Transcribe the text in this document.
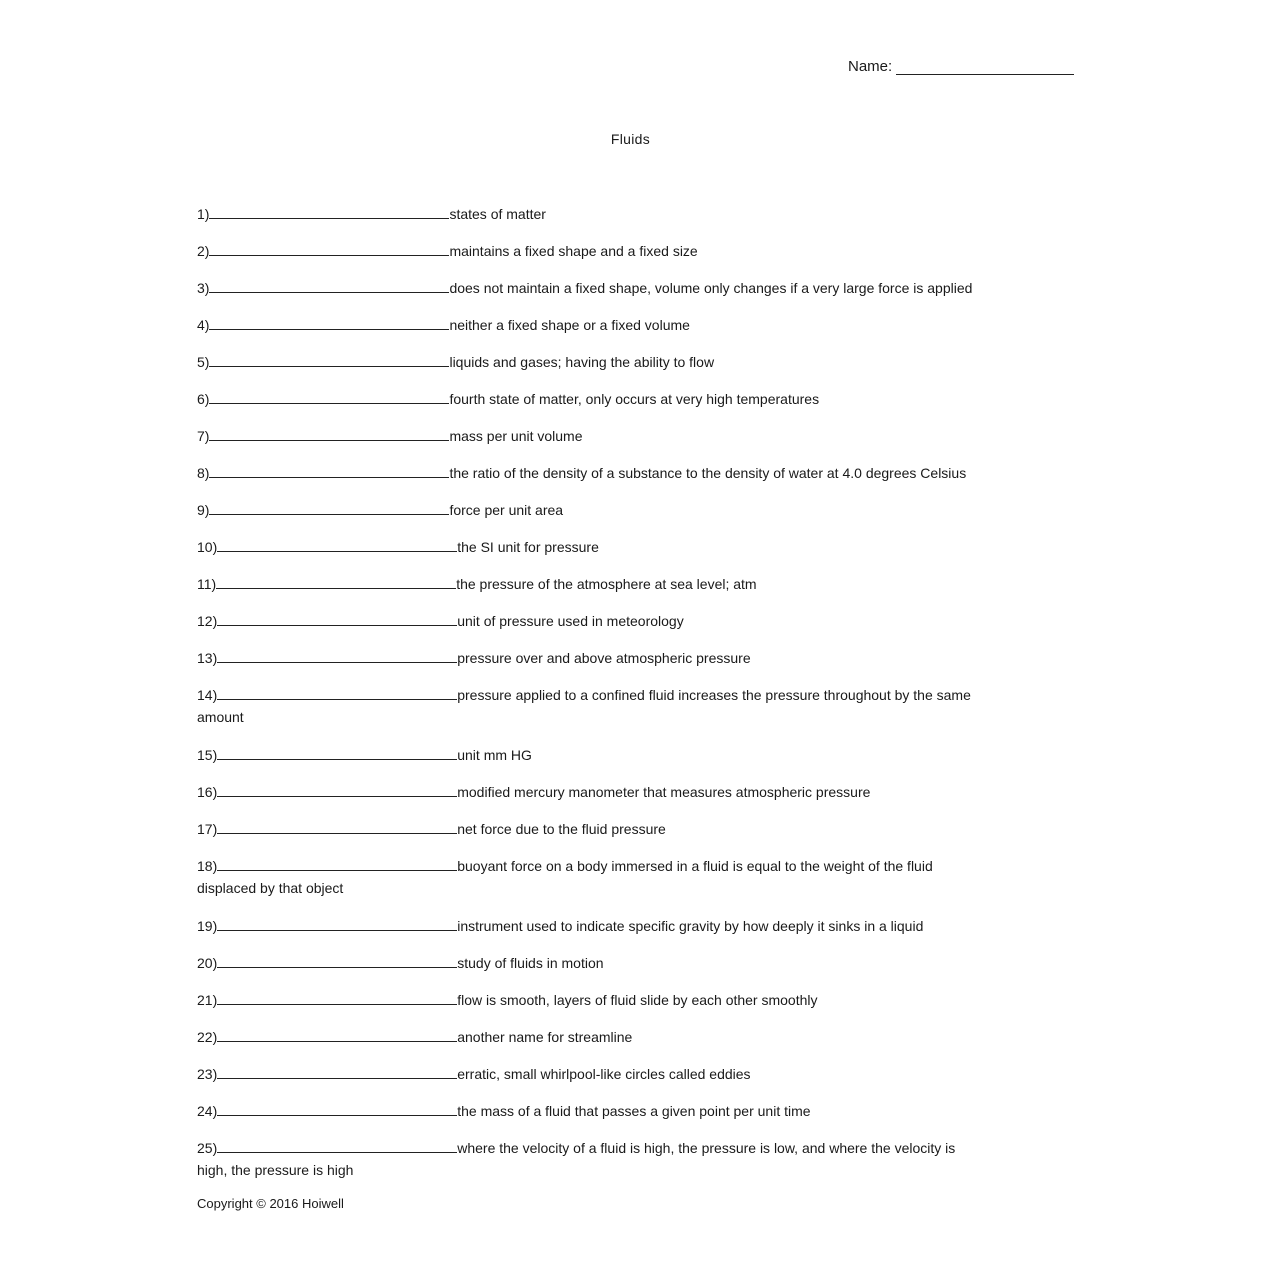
Name:
Fluids
1)	states of matter
2)	maintains a fixed shape and a fixed size
3)	does not maintain a fixed shape, volume only changes if a very large force is applied
4)	neither a fixed shape or a fixed volume
5)	liquids and gases; having the ability to flow
6)	fourth state of matter, only occurs at very high temperatures
7)	mass per unit volume
8)	the ratio of the density of a substance to the density of water at 4.0 degrees Celsius
9)	force per unit area
10)	the SI unit for pressure
11)	the pressure of the atmosphere at sea level; atm
12)	unit of pressure used in meteorology
13)	pressure over and above atmospheric pressure
14)	pressure applied to a confined fluid increases the pressure throughout by the same
amount
15)	unit mm HG
16)	modified mercury manometer that measures atmospheric pressure
17)	net force due to the fluid pressure
18)	buoyant force on a body immersed in a fluid is equal to the weight of the fluid
displaced by that object
19)	instrument used to indicate specific gravity by how deeply it sinks in a liquid
20)	study of fluids in motion
21)	flow is smooth, layers of fluid slide by each other smoothly
22)	another name for streamline
23)	erratic, small whirlpool-like circles called eddies
24)	the mass of a fluid that passes a given point per unit time
25)	where the velocity of a fluid is high, the pressure is low, and where the velocity is
high, the pressure is high
Copyright © 2016 Hoiwell
